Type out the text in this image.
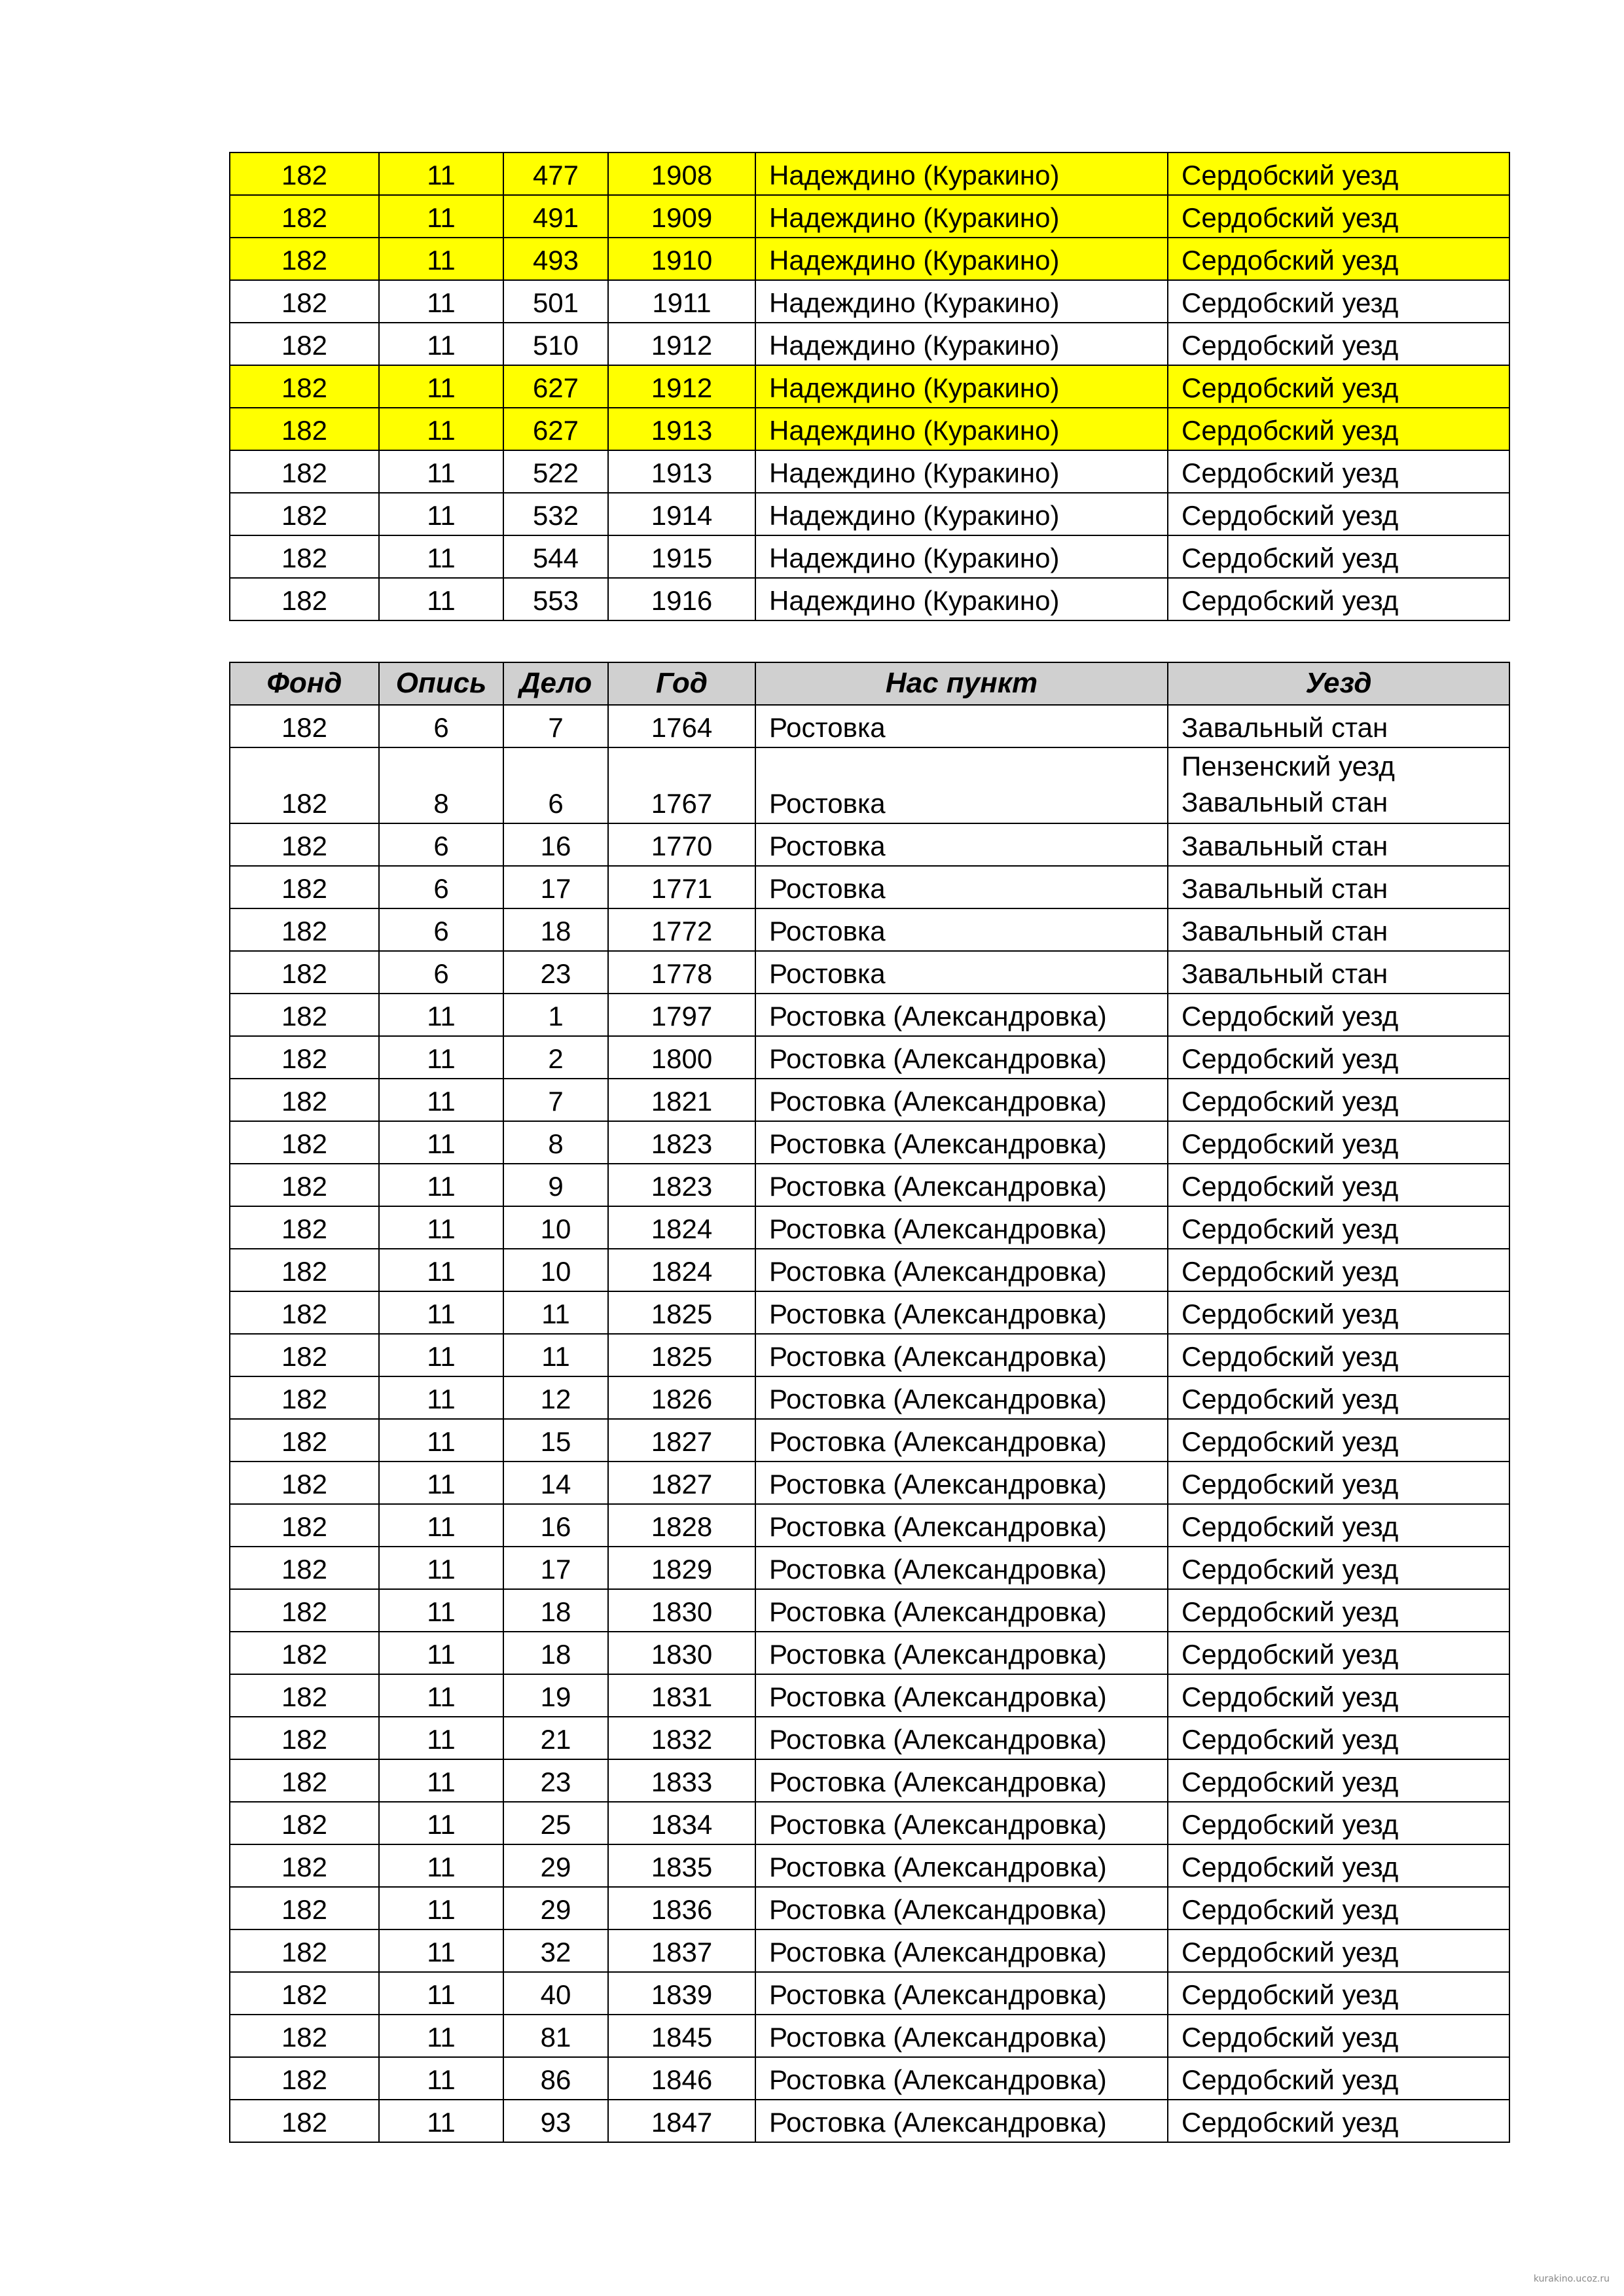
182	11	477	1908	Надеждино (Куракино)	Сердобский уезд
182	11	491	1909	Надеждино (Куракино)	Сердобский уезд
182	11	493	1910	Надеждино (Куракино)	Сердобский уезд
182	11	501	1911	Надеждино (Куракино)	Сердобский уезд
182	11	510	1912	Надеждино (Куракино)	Сердобский уезд
182	11	627	1912	Надеждино (Куракино)	Сердобский уезд
182	11	627	1913	Надеждино (Куракино)	Сердобский уезд
182	11	522	1913	Надеждино (Куракино)	Сердобский уезд
182	11	532	1914	Надеждино (Куракино)	Сердобский уезд
182	11	544	1915	Надеждино (Куракино)	Сердобский уезд
182	11	553	1916	Надеждино (Куракино)	Сердобский уезд
Фонд	Опись	Дело	Год	Нас пункт	Уезд
182	6	7	1764	Ростовка	Завальный стан
182	8	6	1767	Ростовка	Пензенский уезд Завальный стан
182	6	16	1770	Ростовка	Завальный стан
182	6	17	1771	Ростовка	Завальный стан
182	6	18	1772	Ростовка	Завальный стан
182	6	23	1778	Ростовка	Завальный стан
182	11	1	1797	Ростовка (Александровка)	Сердобский уезд
182	11	2	1800	Ростовка (Александровка)	Сердобский уезд
182	11	7	1821	Ростовка (Александровка)	Сердобский уезд
182	11	8	1823	Ростовка (Александровка)	Сердобский уезд
182	11	9	1823	Ростовка (Александровка)	Сердобский уезд
182	11	10	1824	Ростовка (Александровка)	Сердобский уезд
182	11	10	1824	Ростовка (Александровка)	Сердобский уезд
182	11	11	1825	Ростовка (Александровка)	Сердобский уезд
182	11	11	1825	Ростовка (Александровка)	Сердобский уезд
182	11	12	1826	Ростовка (Александровка)	Сердобский уезд
182	11	15	1827	Ростовка (Александровка)	Сердобский уезд
182	11	14	1827	Ростовка (Александровка)	Сердобский уезд
182	11	16	1828	Ростовка (Александровка)	Сердобский уезд
182	11	17	1829	Ростовка (Александровка)	Сердобский уезд
182	11	18	1830	Ростовка (Александровка)	Сердобский уезд
182	11	18	1830	Ростовка (Александровка)	Сердобский уезд
182	11	19	1831	Ростовка (Александровка)	Сердобский уезд
182	11	21	1832	Ростовка (Александровка)	Сердобский уезд
182	11	23	1833	Ростовка (Александровка)	Сердобский уезд
182	11	25	1834	Ростовка (Александровка)	Сердобский уезд
182	11	29	1835	Ростовка (Александровка)	Сердобский уезд
182	11	29	1836	Ростовка (Александровка)	Сердобский уезд
182	11	32	1837	Ростовка (Александровка)	Сердобский уезд
182	11	40	1839	Ростовка (Александровка)	Сердобский уезд
182	11	81	1845	Ростовка (Александровка)	Сердобский уезд
182	11	86	1846	Ростовка (Александровка)	Сердобский уезд
182	11	93	1847	Ростовка (Александровка)	Сердобский уезд
kurakino.ucoz.ru
